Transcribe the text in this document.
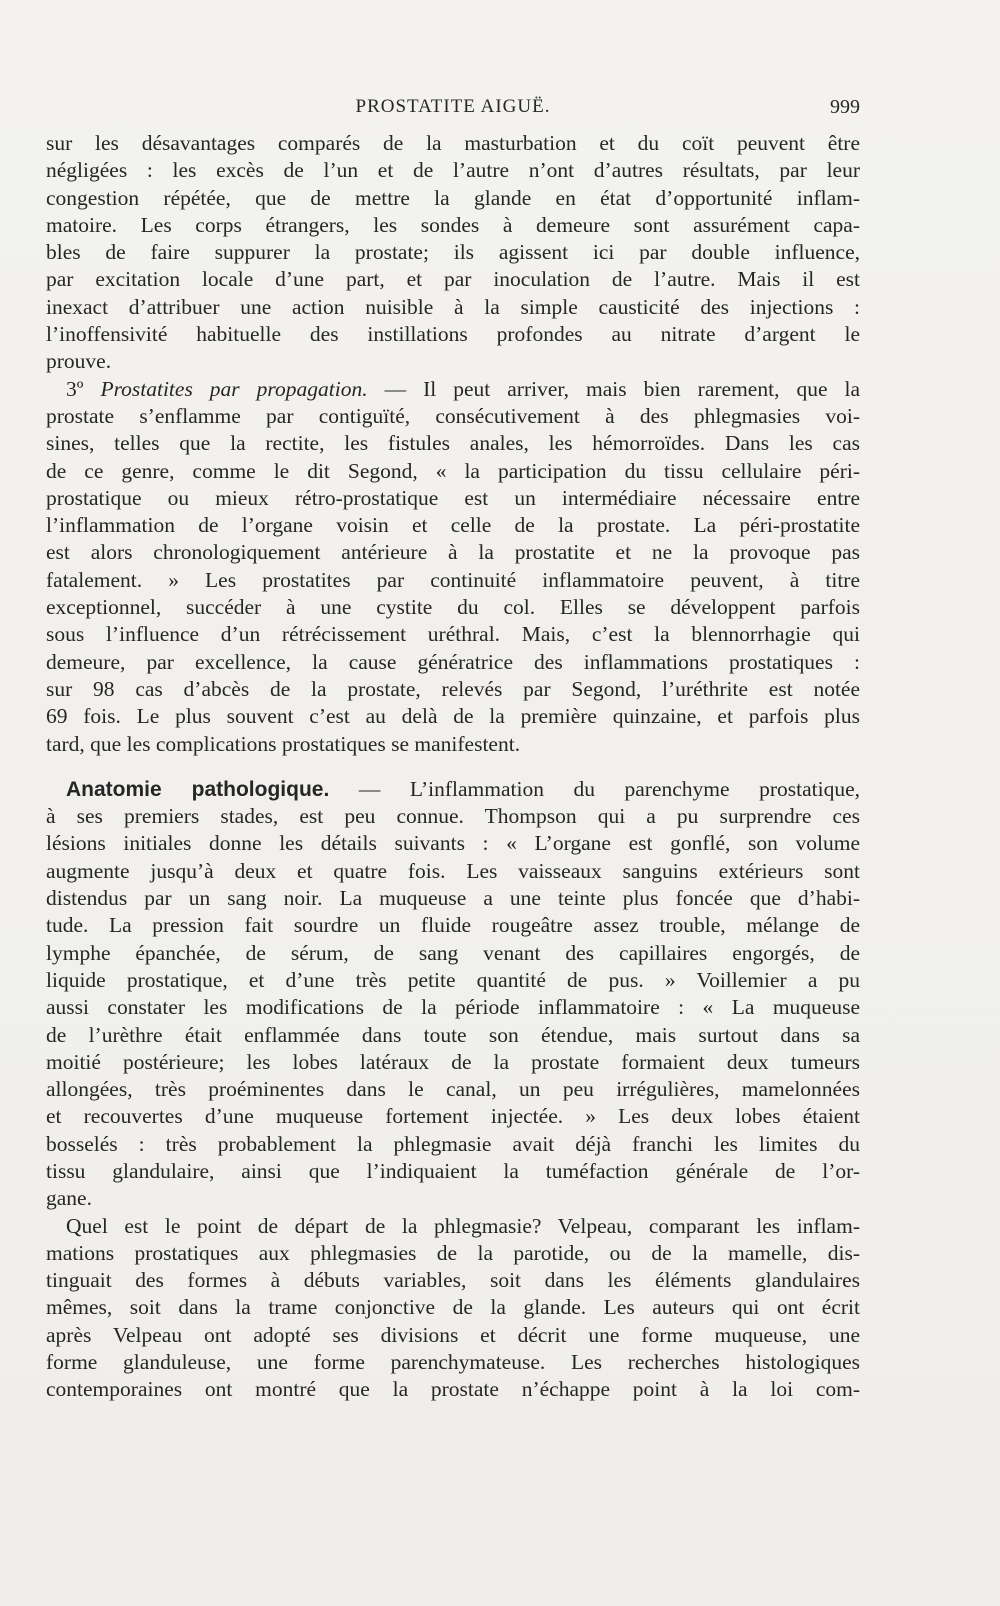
PROSTATITE AIGUË.	999
sur les désavantages comparés de la masturbation et du coït peuvent être
négligées : les excès de l’un et de l’autre n’ont d’autres résultats, par leur
congestion répétée, que de mettre la glande en état d’opportunité inflam-
matoire. Les corps étrangers, les sondes à demeure sont assurément capa-
bles de faire suppurer la prostate; ils agissent ici par double influence,
par excitation locale d’une part, et par inoculation de l’autre. Mais il est
inexact d’attribuer une action nuisible à la simple causticité des injections :
l’inoffensivité habituelle des instillations profondes au nitrate d’argent le
prouve.
3º Prostatites par propagation. — Il peut arriver, mais bien rarement, que la
prostate s’enflamme par contiguïté, consécutivement à des phlegmasies voi-
sines, telles que la rectite, les fistules anales, les hémorroïdes. Dans les cas
de ce genre, comme le dit Segond, « la participation du tissu cellulaire péri-
prostatique ou mieux rétro-prostatique est un intermédiaire nécessaire entre
l’inflammation de l’organe voisin et celle de la prostate. La péri-prostatite
est alors chronologiquement antérieure à la prostatite et ne la provoque pas
fatalement. » Les prostatites par continuité inflammatoire peuvent, à titre
exceptionnel, succéder à une cystite du col. Elles se développent parfois
sous l’influence d’un rétrécissement uréthral. Mais, c’est la blennorrhagie qui
demeure, par excellence, la cause génératrice des inflammations prostatiques :
sur 98 cas d’abcès de la prostate, relevés par Segond, l’uréthrite est notée
69 fois. Le plus souvent c’est au delà de la première quinzaine, et parfois plus
tard, que les complications prostatiques se manifestent.
Anatomie pathologique. — L’inflammation du parenchyme prostatique,
à ses premiers stades, est peu connue. Thompson qui a pu surprendre ces
lésions initiales donne les détails suivants : « L’organe est gonflé, son volume
augmente jusqu’à deux et quatre fois. Les vaisseaux sanguins extérieurs sont
distendus par un sang noir. La muqueuse a une teinte plus foncée que d’habi-
tude. La pression fait sourdre un fluide rougeâtre assez trouble, mélange de
lymphe épanchée, de sérum, de sang venant des capillaires engorgés, de
liquide prostatique, et d’une très petite quantité de pus. » Voillemier a pu
aussi constater les modifications de la période inflammatoire : « La muqueuse
de l’urèthre était enflammée dans toute son étendue, mais surtout dans sa
moitié postérieure; les lobes latéraux de la prostate formaient deux tumeurs
allongées, très proéminentes dans le canal, un peu irrégulières, mamelonnées
et recouvertes d’une muqueuse fortement injectée. » Les deux lobes étaient
bosselés : très probablement la phlegmasie avait déjà franchi les limites du
tissu glandulaire, ainsi que l’indiquaient la tuméfaction générale de l’or-
gane.
Quel est le point de départ de la phlegmasie? Velpeau, comparant les inflam-
mations prostatiques aux phlegmasies de la parotide, ou de la mamelle, dis-
tinguait des formes à débuts variables, soit dans les éléments glandulaires
mêmes, soit dans la trame conjonctive de la glande. Les auteurs qui ont écrit
après Velpeau ont adopté ses divisions et décrit une forme muqueuse, une
forme glanduleuse, une forme parenchymateuse. Les recherches histologiques
contemporaines ont montré que la prostate n’échappe point à la loi com-
